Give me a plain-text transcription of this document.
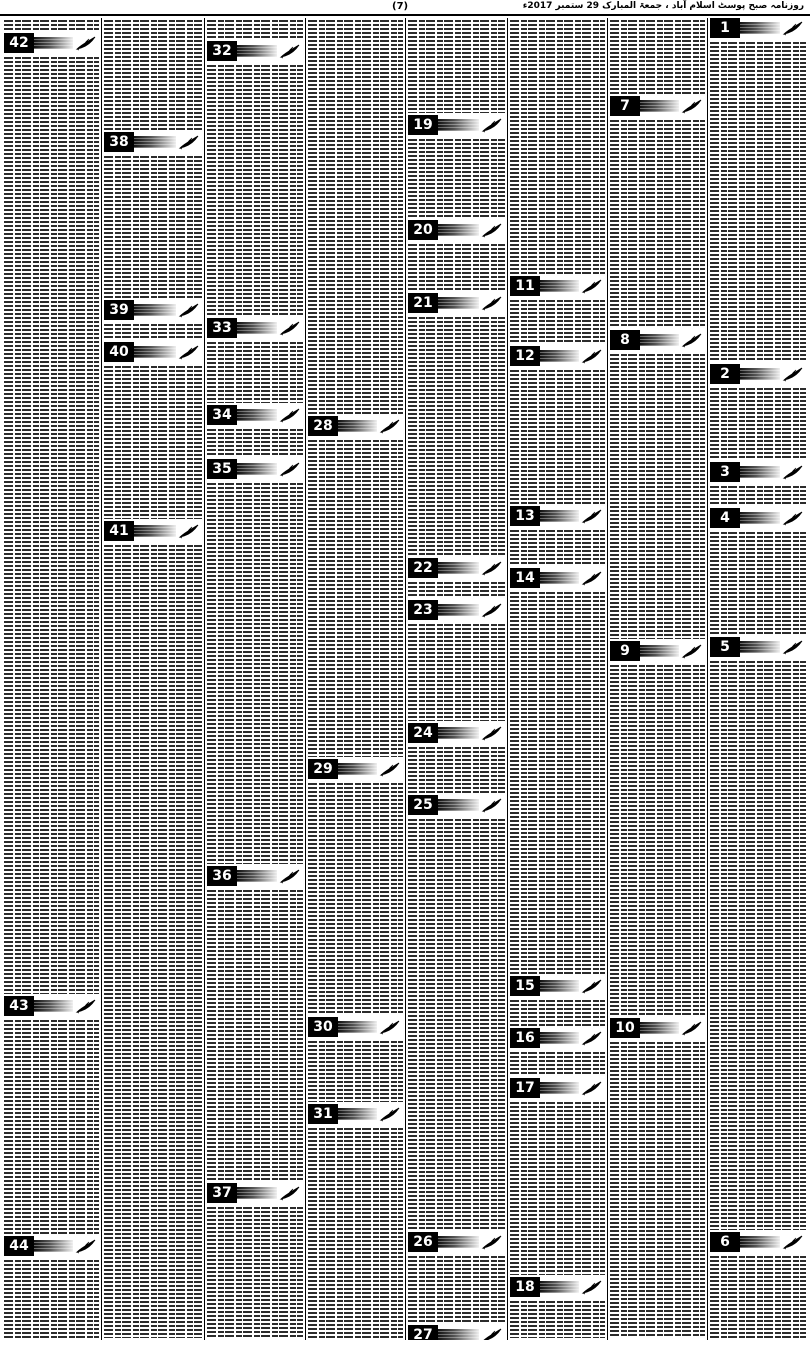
(7)	روزنامہ صبح پوسٹ اسلام آباد ، جمعۃ المبارک 29 ستمبر 2017ء
1
2
3
4
5
6
7
8
9
10
11
12
13
14
15
16
17
18
19
20
21
22
23
24
25
26
27
28
29
30
31
32
33
34
35
36
37
38
39
40
41
42
43
44
